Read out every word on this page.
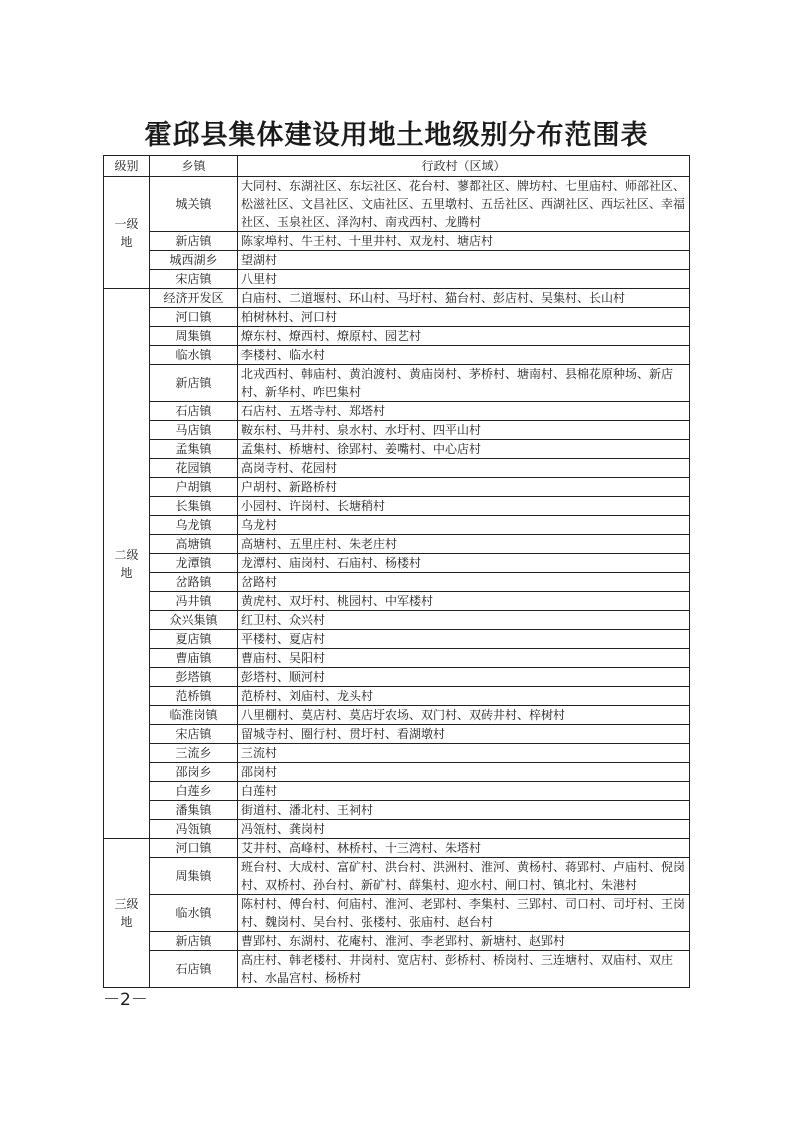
霍邱县集体建设用地土地级别分布范围表
级别	乡镇	行政村（区域）
一级
地	城关镇	大同村、东湖社区、东坛社区、花台村、蓼都社区、牌坊村、七里庙村、师部社区、松滋社区、文昌社区、文庙社区、五里墩村、五岳社区、西湖社区、西坛社区、幸福社区、玉泉社区、泽沟村、南戎西村、龙腾村
	新店镇	陈家埠村、牛王村、十里井村、双龙村、塘店村
	城西湖乡	望湖村
	宋店镇	八里村
二级
地	经济开发区	白庙村、二道堰村、环山村、马圩村、猫台村、彭店村、吴集村、长山村
	河口镇	柏树林村、河口村
	周集镇	燎东村、燎西村、燎原村、园艺村
	临水镇	李楼村、临水村
	新店镇	北戎西村、韩庙村、黄泊渡村、黄庙岗村、茅桥村、塘南村、县棉花原种场、新店村、新华村、咋巴集村
	石店镇	石店村、五塔寺村、郑塔村
	马店镇	鞍东村、马井村、泉水村、水圩村、四平山村
	孟集镇	孟集村、桥塘村、徐郢村、姜嘴村、中心店村
	花园镇	高岗寺村、花园村
	户胡镇	户胡村、新路桥村
	长集镇	小园村、许岗村、长塘稍村
	乌龙镇	乌龙村
	高塘镇	高塘村、五里庄村、朱老庄村
	龙潭镇	龙潭村、庙岗村、石庙村、杨楼村
	岔路镇	岔路村
	冯井镇	黄虎村、双圩村、桃园村、中军楼村
	众兴集镇	红卫村、众兴村
	夏店镇	平楼村、夏店村
	曹庙镇	曹庙村、吴阳村
	彭塔镇	彭塔村、顺河村
	范桥镇	范桥村、刘庙村、龙头村
	临淮岗镇	八里棚村、莫店村、莫店圩农场、双门村、双砖井村、梓树村
	宋店镇	留城寺村、圈行村、贯圩村、看湖墩村
	三流乡	三流村
	邵岗乡	邵岗村
	白莲乡	白莲村
	潘集镇	街道村、潘北村、王祠村
	冯瓴镇	冯瓴村、龚岗村
三级
地	河口镇	艾井村、高峰村、林桥村、十三湾村、朱塔村
	周集镇	班台村、大成村、富矿村、洪台村、洪洲村、淮河、黄杨村、蒋郢村、卢庙村、倪岗村、双桥村、孙台村、新矿村、薛集村、迎水村、闸口村、镇北村、朱港村
	临水镇	陈村村、傅台村、何庙村、淮河、老郢村、李集村、三郢村、司口村、司圩村、王岗村、魏岗村、吴台村、张楼村、张庙村、赵台村
	新店镇	曹郢村、东湖村、花庵村、淮河、李老郢村、新塘村、赵郢村
	石店镇	高庄村、韩老楼村、井岗村、宽店村、彭桥村、桥岗村、三连塘村、双庙村、双庄村、水晶宫村、杨桥村
－2－
